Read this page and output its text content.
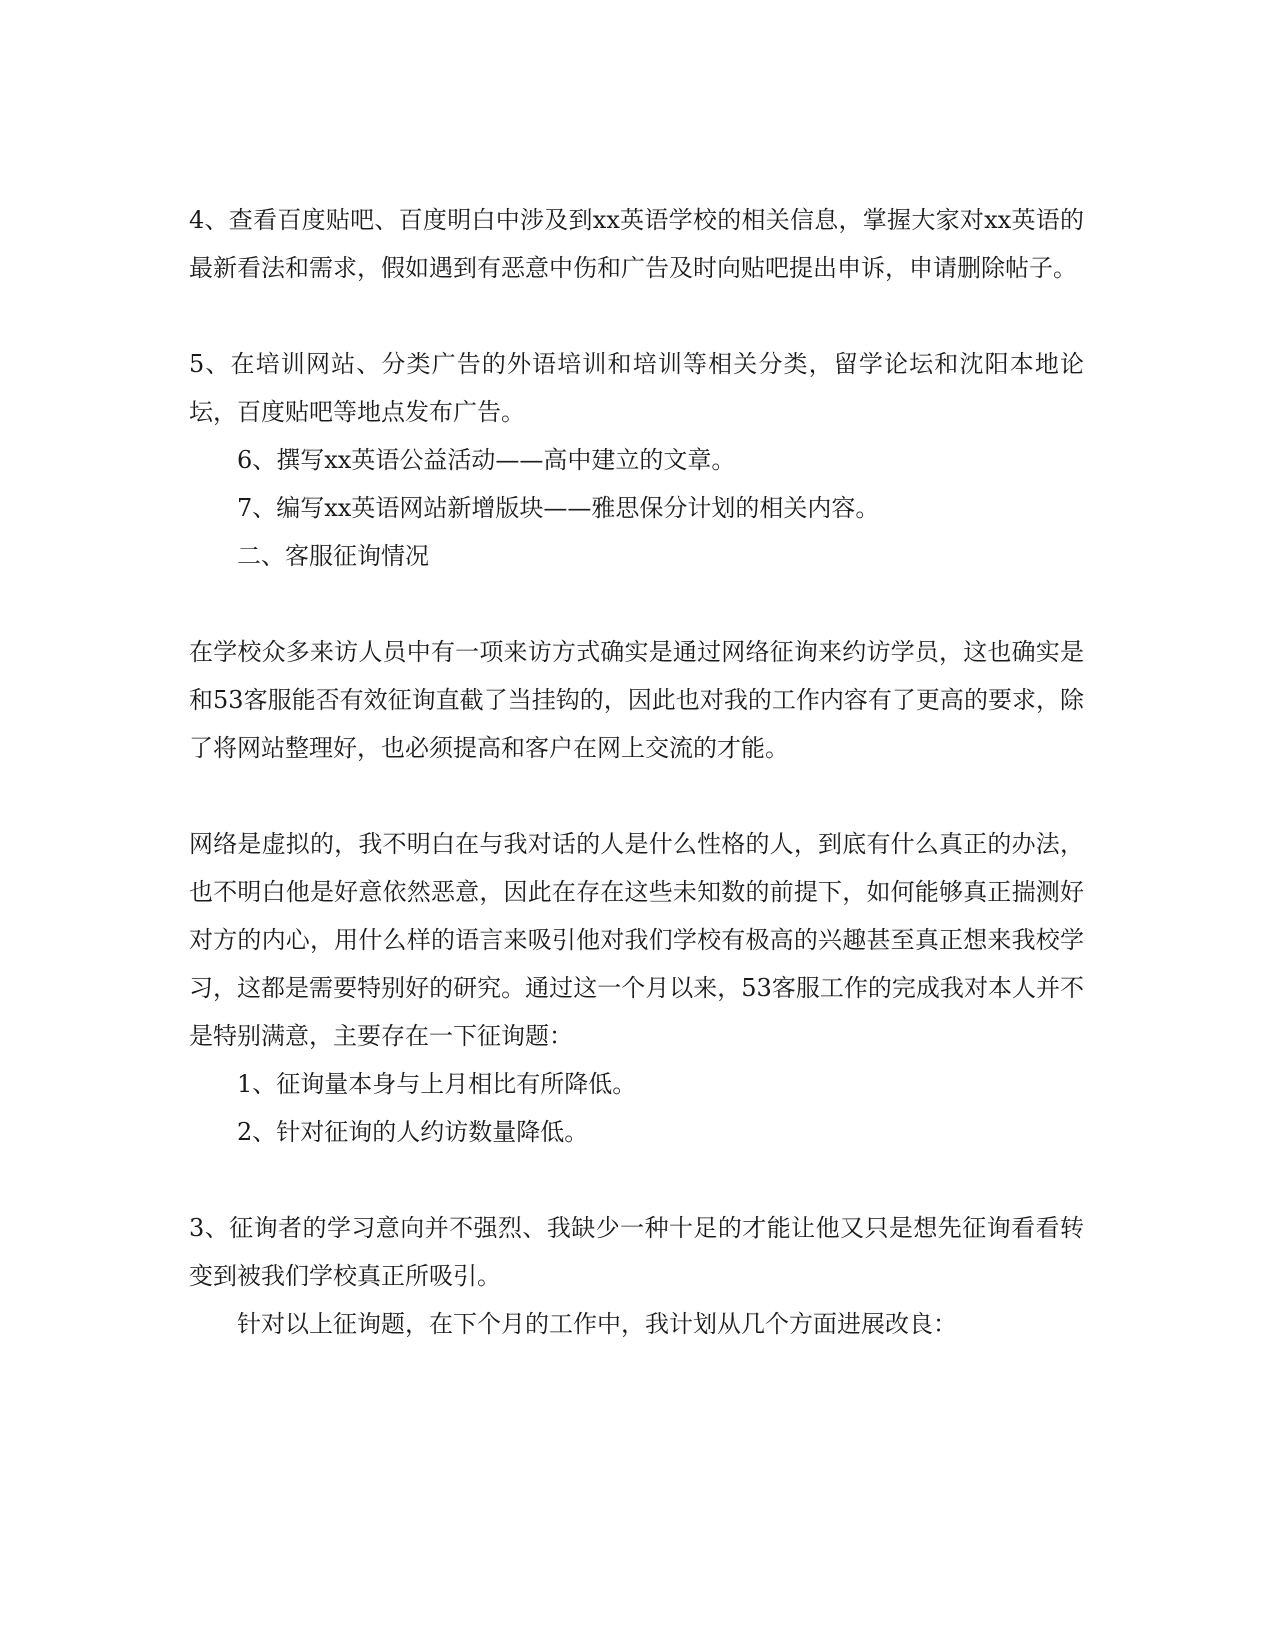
4、查看百度贴吧、百度明白中涉及到xx英语学校的相关信息，掌握大家对xx英语的最新看法和需求，假如遇到有恶意中伤和广告及时向贴吧提出申诉，申请删除帖子。

5、在培训网站、分类广告的外语培训和培训等相关分类，留学论坛和沈阳本地论坛，百度贴吧等地点发布广告。

6、撰写xx英语公益活动——高中建立的文章。

7、编写xx英语网站新增版块——雅思保分计划的相关内容。

二、客服征询情况

在学校众多来访人员中有一项来访方式确实是通过网络征询来约访学员，这也确实是和53客服能否有效征询直截了当挂钩的，因此也对我的工作内容有了更高的要求，除了将网站整理好，也必须提高和客户在网上交流的才能。

网络是虚拟的，我不明白在与我对话的人是什么性格的人，到底有什么真正的办法，也不明白他是好意依然恶意，因此在存在这些未知数的前提下，如何能够真正揣测好对方的内心，用什么样的语言来吸引他对我们学校有极高的兴趣甚至真正想来我校学习，这都是需要特别好的研究。通过这一个月以来，53客服工作的完成我对本人并不是特别满意，主要存在一下征询题：

1、征询量本身与上月相比有所降低。

2、针对征询的人约访数量降低。

3、征询者的学习意向并不强烈、我缺少一种十足的才能让他又只是想先征询看看转变到被我们学校真正所吸引。

针对以上征询题，在下个月的工作中，我计划从几个方面进展改良：
